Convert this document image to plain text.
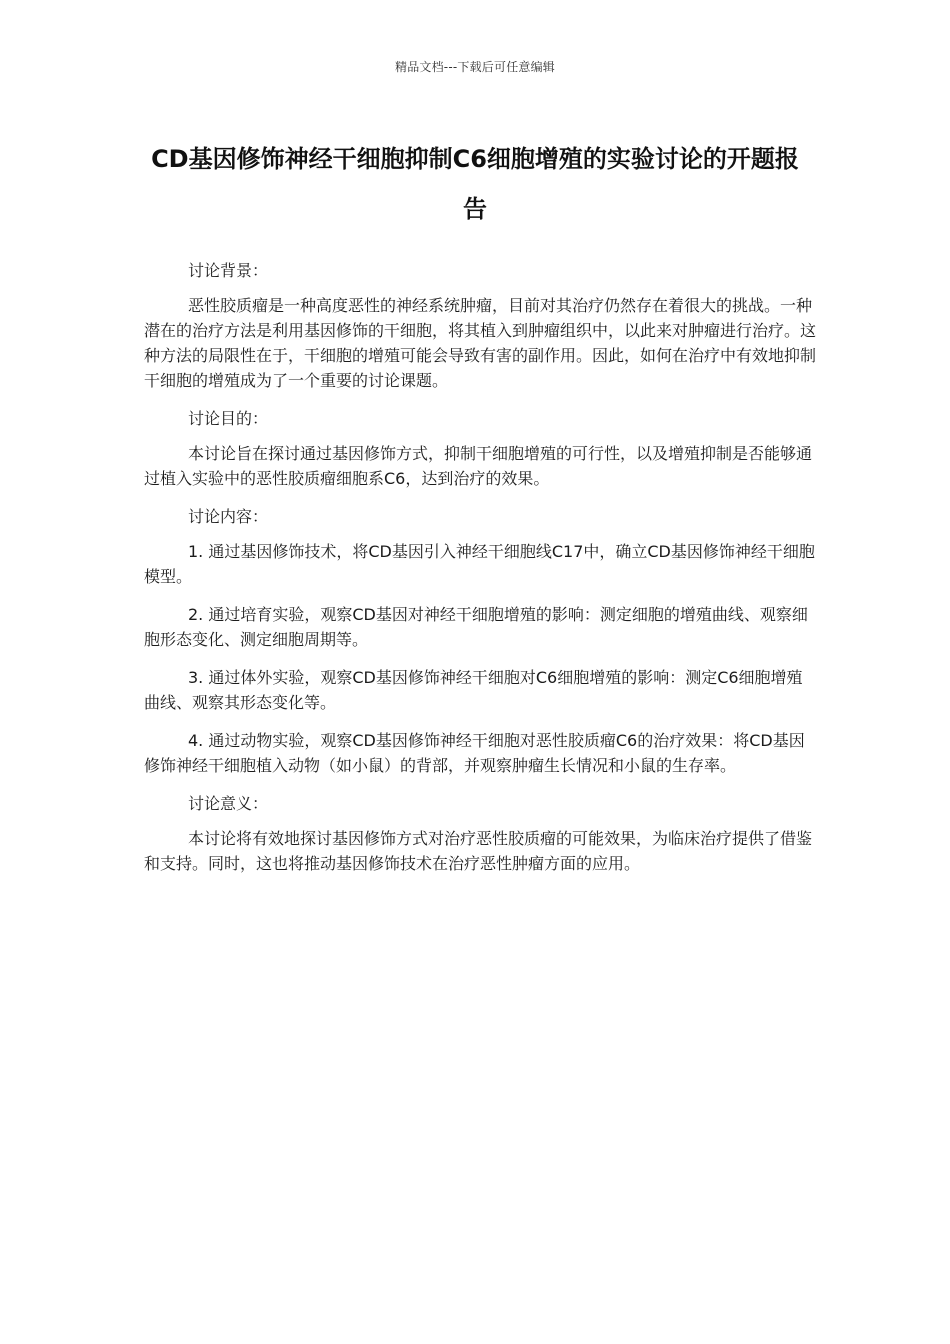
精品文档---下载后可任意编辑
CD基因修饰神经干细胞抑制C6细胞增殖的实验讨论的开题报告

讨论背景：

恶性胶质瘤是一种高度恶性的神经系统肿瘤，目前对其治疗仍然存在着很大的挑战。一种潜在的治疗方法是利用基因修饰的干细胞，将其植入到肿瘤组织中，以此来对肿瘤进行治疗。这种方法的局限性在于，干细胞的增殖可能会导致有害的副作用。因此，如何在治疗中有效地抑制干细胞的增殖成为了一个重要的讨论课题。

讨论目的：

本讨论旨在探讨通过基因修饰方式，抑制干细胞增殖的可行性，以及增殖抑制是否能够通过植入实验中的恶性胶质瘤细胞系C6，达到治疗的效果。

讨论内容：

1. 通过基因修饰技术，将CD基因引入神经干细胞线C17中，确立CD基因修饰神经干细胞模型。

2. 通过培育实验，观察CD基因对神经干细胞增殖的影响：测定细胞的增殖曲线、观察细胞形态变化、测定细胞周期等。

3. 通过体外实验，观察CD基因修饰神经干细胞对C6细胞增殖的影响：测定C6细胞增殖曲线、观察其形态变化等。

4. 通过动物实验，观察CD基因修饰神经干细胞对恶性胶质瘤C6的治疗效果：将CD基因修饰神经干细胞植入动物（如小鼠）的背部，并观察肿瘤生长情况和小鼠的生存率。

讨论意义：

本讨论将有效地探讨基因修饰方式对治疗恶性胶质瘤的可能效果，为临床治疗提供了借鉴和支持。同时，这也将推动基因修饰技术在治疗恶性肿瘤方面的应用。
